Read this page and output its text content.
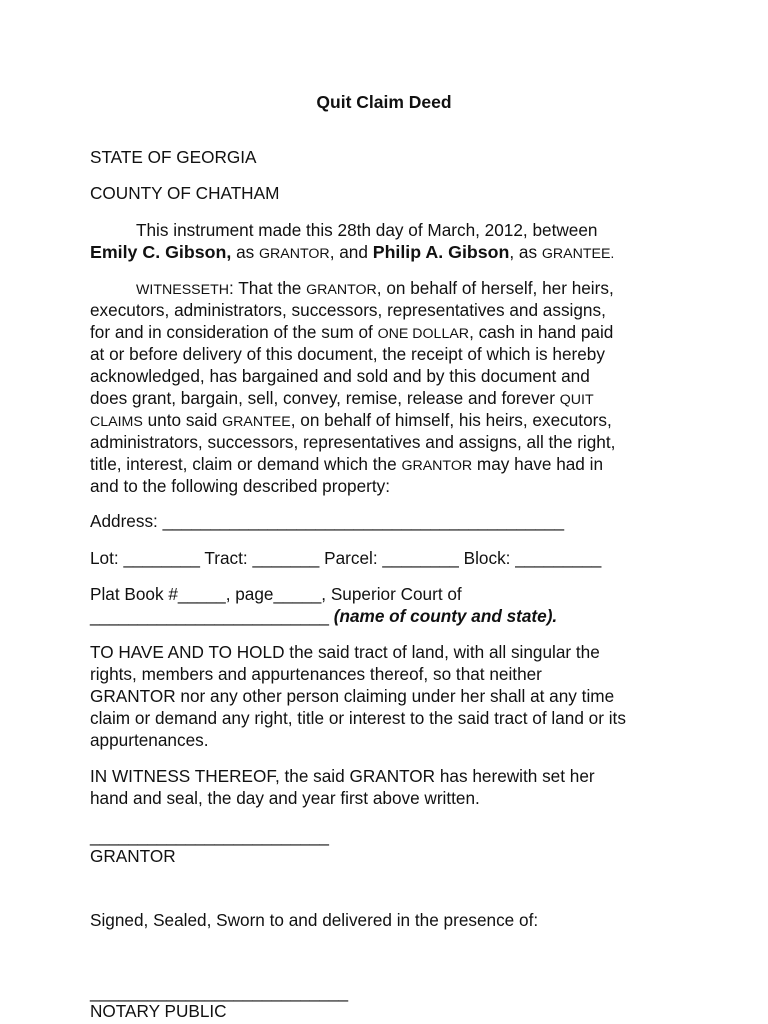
Quit Claim Deed
STATE OF GEORGIA
COUNTY OF CHATHAM
This instrument made this 28th day of March, 2012, between
Emily C. Gibson, as GRANTOR, and Philip A. Gibson, as GRANTEE.
WITNESSETH: That the GRANTOR, on behalf of herself, her heirs,
executors, administrators, successors, representatives and assigns,
for and in consideration of the sum of ONE DOLLAR, cash in hand paid
at or before delivery of this document, the receipt of which is hereby
acknowledged, has bargained and sold and by this document and
does grant, bargain, sell, convey, remise, release and forever QUIT
CLAIMS unto said GRANTEE, on behalf of himself, his heirs, executors,
administrators, successors, representatives and assigns, all the right,
title, interest, claim or demand which the GRANTOR may have had in
and to the following described property:
Address: __________________________________________
Lot: ________ Tract: _______ Parcel: ________ Block: _________
Plat Book #_____, page_____, Superior Court of
_________________________ (name of county and state).
TO HAVE AND TO HOLD the said tract of land, with all singular the
rights, members and appurtenances thereof, so that neither
GRANTOR nor any other person claiming under her shall at any time
claim or demand any right, title or interest to the said tract of land or its
appurtenances.
IN WITNESS THEREOF, the said GRANTOR has herewith set her
hand and seal, the day and year first above written.
_________________________
GRANTOR
Signed, Sealed, Sworn to and delivered in the presence of:
___________________________
NOTARY PUBLIC
